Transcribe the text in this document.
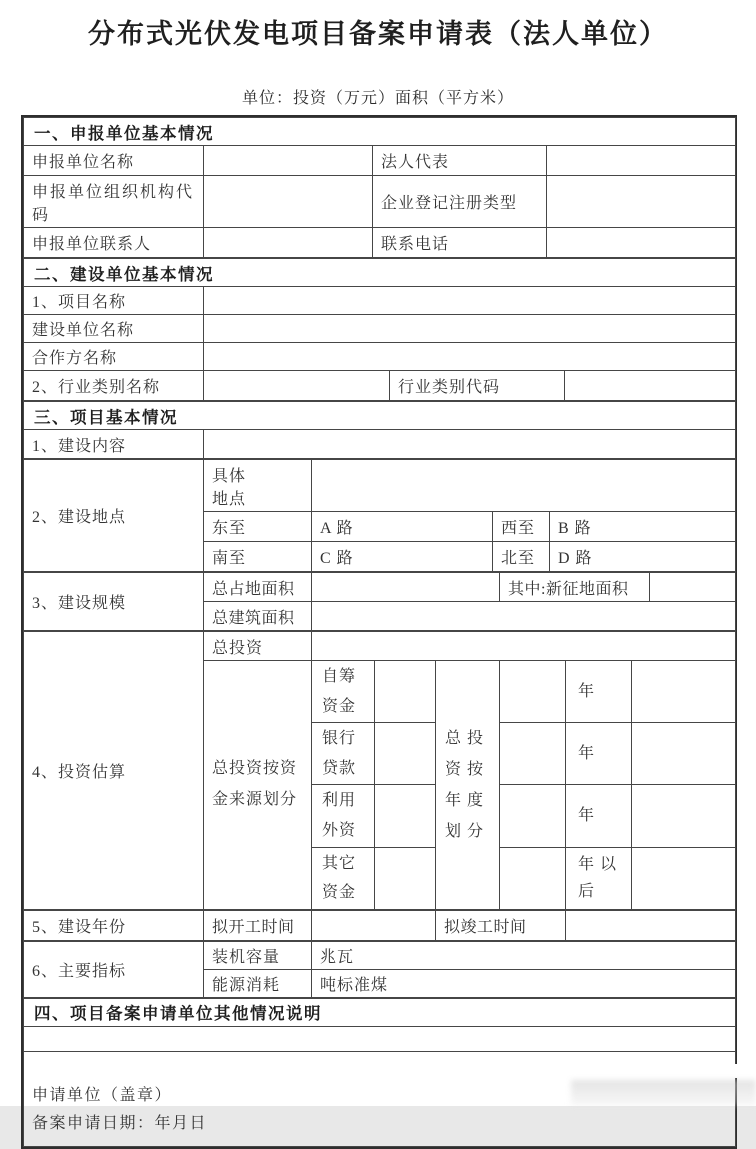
分布式光伏发电项目备案申请表（法人单位）
单位：投资（万元）面积（平方米）
一、申报单位基本情况			
申报单位名称		法人代表	
申报单位组织机构代码		企业登记注册类型	
申报单位联系人		联系电话	
二、建设单位基本情况			
1、项目名称			
建设单位名称			
合作方名称			
2、行业类别名称		行业类别代码	
三、项目基本情况
1、建设内容	
2、建设地点	具体地点			
	东至	A 路	西至	B 路
	南至	C 路	北至	D 路
3、建设规模	总占地面积		其中:新征地面积	
	总建筑面积			
4、投资估算	总投资						
	总投资按资金来源划分	自筹资金		总投资按年度划分		年	
		银行贷款				年	
		利用外资				年	
		其它资金				年 以后	
5、建设年份	拟开工时间		拟竣工时间	
6、主要指标	装机容量	兆瓦
	能源消耗	吨标准煤
四、项目备案申请单位其他情况说明

申请单位（盖章）
备案申请日期：年月日
